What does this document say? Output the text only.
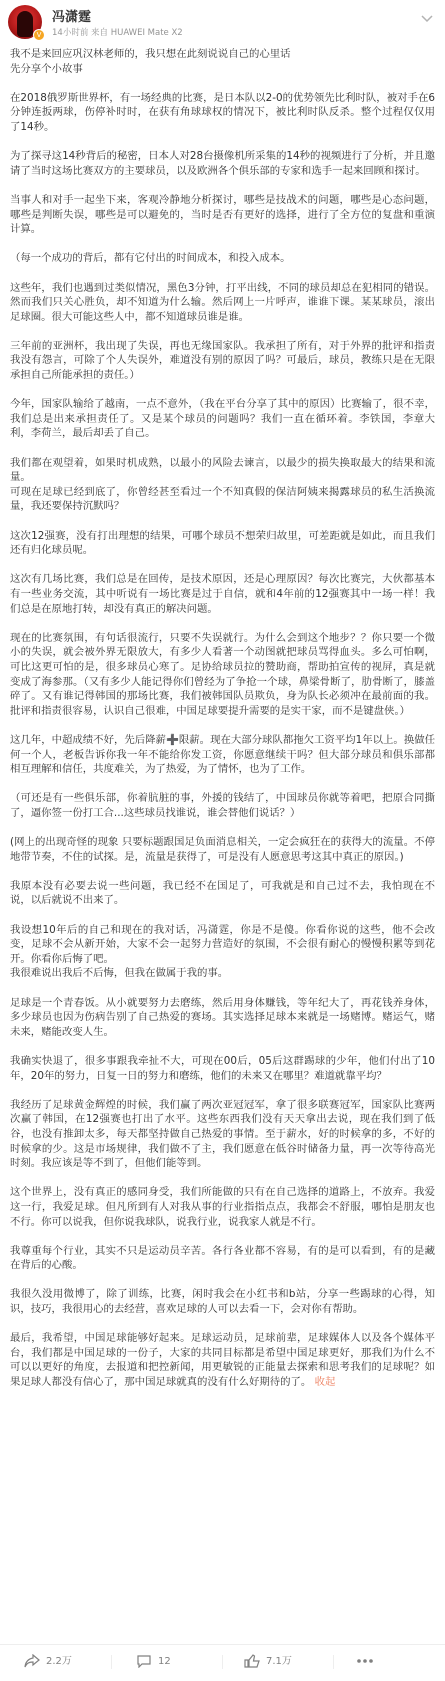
V
冯潇霆
14小时前 来自 HUAWEI Mate X2

我不是来回应巩汉林老师的，我只想在此刻说说自己的心里话

先分享个小故事

在2018俄罗斯世界杯，有一场经典的比赛，是日本队以2-0的优势领先比利时队，被对手在6分钟连扳两球，伤停补时时，在获有角球球权的情况下，被比利时队反杀。整个过程仅仅用了14秒。

为了探寻这14秒背后的秘密，日本人对28台摄像机所采集的14秒的视频进行了分析，并且邀请了当时这场比赛双方的主要球员，以及欧洲各个俱乐部的专家和选手一起来回顾和探讨。

当事人和对手一起坐下来，客观冷静地分析探讨，哪些是技战术的问题，哪些是心态问题，哪些是判断失误，哪些是可以避免的，当时是否有更好的选择，进行了全方位的复盘和重演计算。

（每一个成功的背后，都有它付出的时间成本，和投入成本。

这些年，我们也遇到过类似情况，黑色3分钟，打平出线，不同的球员却总在犯相同的错误。然而我们只关心胜负，却不知道为什么输。然后网上一片呼声，谁谁下课。某某球员，滚出足球圈。很大可能这些人中，都不知道球员谁是谁。

三年前的亚洲杯，我出现了失误，再也无缘国家队。我承担了所有，对于外界的批评和指责我没有怨言，可除了个人失误外，难道没有别的原因了吗？可最后，球员，教练只是在无限承担自己所能承担的责任。）

今年，国家队输给了越南，一点不意外，（我在平台分享了其中的原因）比赛输了，很不幸，我们总是出来承担责任了。又是某个球员的问题吗？我们一直在循环着。李铁国，李章大利，李荷兰，最后却丢了自己。

我们都在观望着，如果时机成熟，以最小的风险去谏言，以最少的损失换取最大的结果和流量。
可现在足球已经到底了，你曾经甚至看过一个不知真假的保洁阿姨来揭露球员的私生活换流量，我还要保持沉默吗？

这次12强赛，没有打出理想的结果，可哪个球员不想荣归故里，可差距就是如此，而且我们还有归化球员呢。

这次有几场比赛，我们总是在回传，是技术原因，还是心理原因？每次比赛完，大伙都基本有一些业务交流，其中听说有一场比赛是过于自信，就和4年前的12强赛其中一场一样！我们总是在原地打转，却没有真正的解决问题。

现在的比赛氛围，有句话很流行，只要不失误就行。为什么会到这个地步？？你只要一个微小的失误，就会被外界无限放大，有多少人看著一个动图就把球员骂得血头。多么可怕啊，可比这更可怕的是，很多球员心寒了。足协给球员拉的赞助商，帮助拍宣传的视屏，真是就变成了海参那。（又有多少人能记得你们曾经为了争抢一个球，鼻梁骨断了，肋骨断了，膝盖碎了。又有谁记得韩国的那场比赛，我们被韩国队员欺负，身为队长必须冲在最前面的我。批评和指责很容易，认识自己很难，中国足球要提升需要的是实干家，而不是键盘侠。）

这几年，中超成绩不好，先后降薪➕限薪。现在大部分球队都拖欠工资平均1年以上。换做任何一个人，老板告诉你我一年不能给你发工资，你愿意继续干吗？但大部分球员和俱乐部都相互理解和信任，共度难关，为了热爱，为了情怀，也为了工作。

（可还是有一些俱乐部，你着肮脏的事，外援的钱结了，中国球员你就等着吧，把原合同撕了，逼你签一份打工合...这些球员找谁说，谁会替他们说话？）

(网上的出现奇怪的现象 只要标题跟国足负面消息相关，一定会疯狂在的获得大的流量。不停地带节奏，不住的试探。是，流量是获得了，可是没有人愿意思考这其中真正的原因。)

我原本没有必要去说一些问题，我已经不在国足了，可我就是和自己过不去，我怕现在不说，以后就说不出来了。

我设想10年后的自己和现在的我对话，冯潇霆，你是不是傻。你看你说的这些，他不会改变，足球不会从新开始，大家不会一起努力营造好的氛围，不会很有耐心的慢慢积累等到花开。你看你后悔了吧。
我很难说出我后不后悔，但我在做属于我的事。

足球是一个青春饭。从小就要努力去磨练，然后用身体赚钱，等年纪大了，再花钱养身体，多少球员也因为伤病告别了自己热爱的赛场。其实选择足球本来就是一场赌博。赌运气，赌未来，赌能改变人生。

我确实快退了，很多事跟我牵扯不大，可现在00后，05后这群踢球的少年，他们付出了10年，20年的努力，日复一日的努力和磨练，他们的未来又在哪里？难道就靠平均？

我经历了足球黄金辉煌的时候，我们赢了两次亚冠冠军，拿了很多联赛冠军，国家队比赛两次赢了韩国，在12强赛也打出了水平。这些东西我们没有天天拿出去说，现在我们到了低谷，也没有推卸太多，每天都坚持做自己热爱的事情。至于薪水，好的时候拿的多，不好的时候拿的少。这是市场规律，我们做不了主，我们愿意在低谷时储备力量，再一次等待高光时刻。我应该是等不到了，但他们能等到。

这个世界上，没有真正的感同身受，我们所能做的只有在自己选择的道路上，不放弃。我爱这一行，我爱足球。但凡所到有人对我从事的行业指指点点，我都会不舒服，哪怕是朋友也不行。你可以说我，但你说我球队，说我行业，说我家人就是不行。

我尊重每个行业，其实不只是运动员辛苦。各行各业都不容易，有的是可以看到，有的是藏在背后的心酸。

我很久没用微博了，除了训练，比赛，闲时我会在小红书和b站，分享一些踢球的心得，知识，技巧，我很用心的去经营，喜欢足球的人可以去看一下，会对你有帮助。

最后，我希望，中国足球能够好起来。足球运动员，足球前辈，足球媒体人以及各个媒体平台，我们都是中国足球的一份子，大家的共同目标都是希望中国足球更好，那我们为什么不可以以更好的角度，去报道和把控新闻，用更敏锐的正能量去探索和思考我们的足球呢？如果足球人都没有信心了，那中国足球就真的没有什么好期待的了。 收起

2.2万	12	7.1万
